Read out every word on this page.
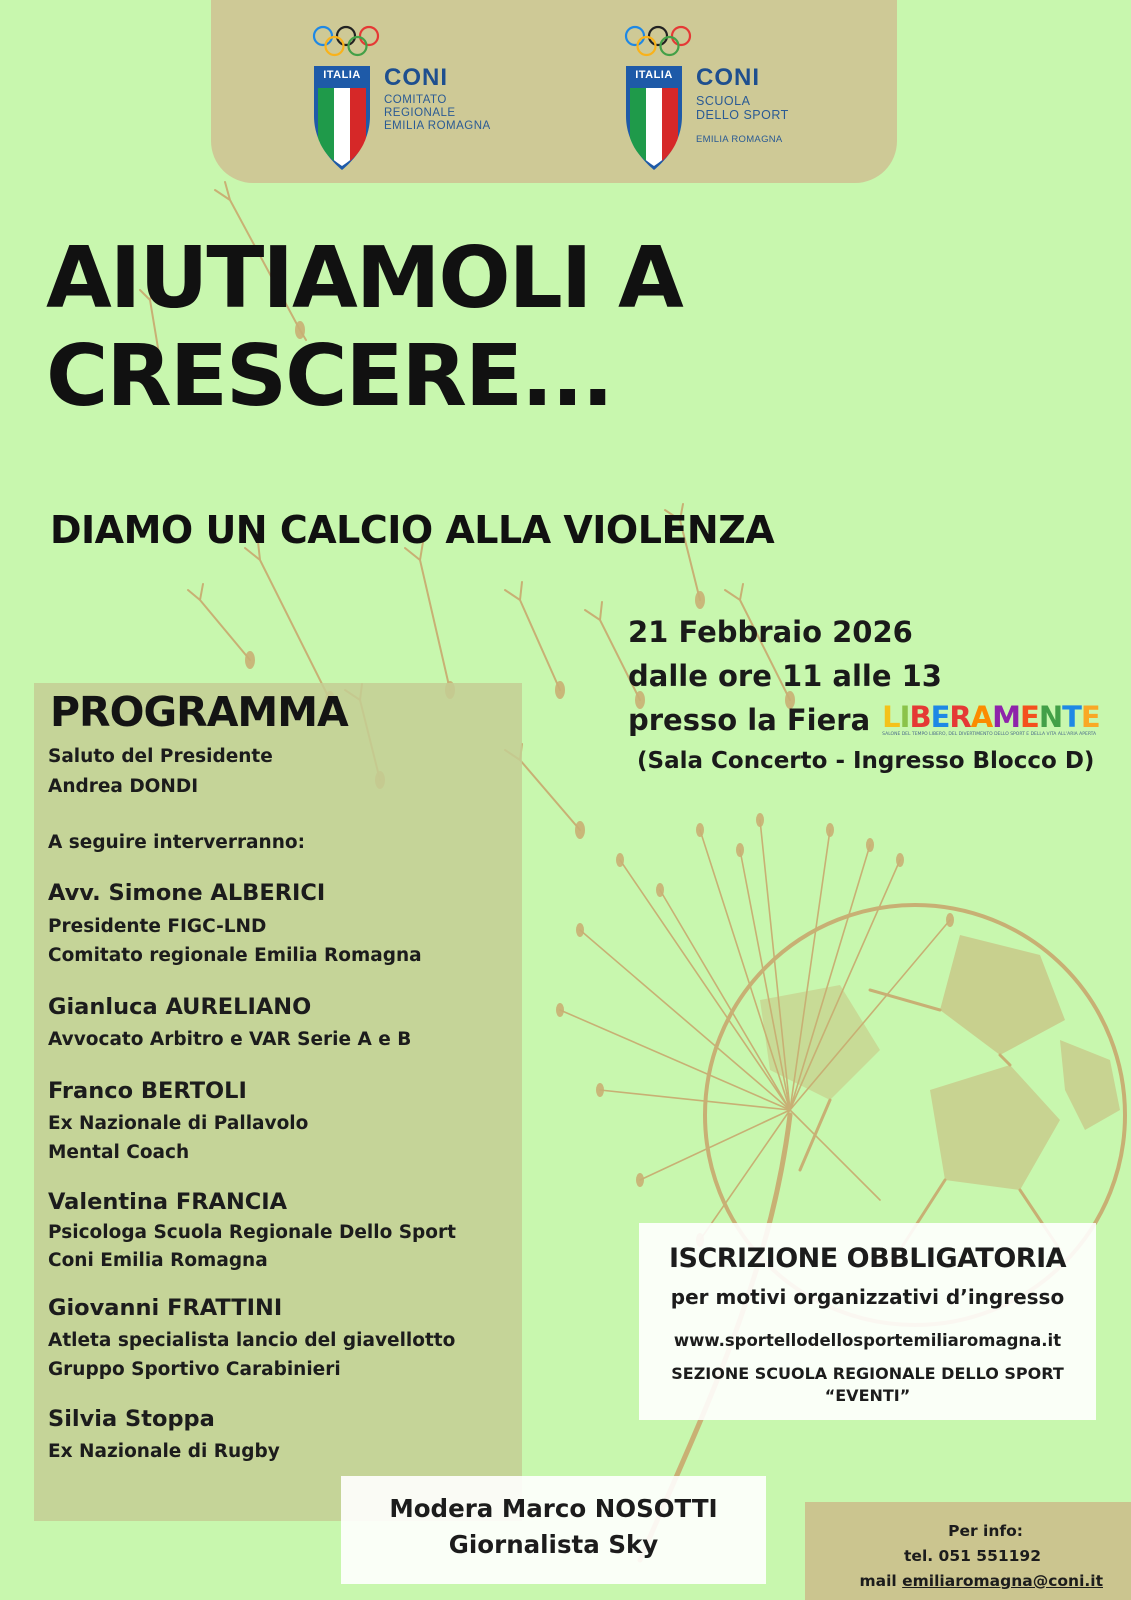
ITALIA CONI
COMITATO
REGIONALE
EMILIA ROMAGNA
ITALIA CONI
SCUOLA
DELLO SPORT
EMILIA ROMAGNA
AIUTIAMOLI A
CRESCERE...
DIAMO UN CALCIO ALLA VIOLENZA
21 Febbraio 2026
dalle ore 11 alle 13
presso la Fiera LIBERAMENTE
SALONE DEL TEMPO LIBERO, DEL DIVERTIMENTO DELLO SPORT E DELLA VITA ALL'ARIA APERTA
(Sala Concerto - Ingresso Blocco D)
PROGRAMMA
Saluto del Presidente
Andrea DONDI
A seguire interverranno:
Avv. Simone ALBERICI
Presidente FIGC-LND
Comitato regionale Emilia Romagna
Gianluca AURELIANO
Avvocato Arbitro e VAR Serie A e B
Franco BERTOLI
Ex Nazionale di Pallavolo
Mental Coach
Valentina FRANCIA
Psicologa Scuola Regionale Dello Sport
Coni Emilia Romagna
Giovanni FRATTINI
Atleta specialista lancio del giavellotto
Gruppo Sportivo Carabinieri
Silvia Stoppa
Ex Nazionale di Rugby
ISCRIZIONE OBBLIGATORIA
per motivi organizzativi d’ingresso
www.sportellodellosportemiliaromagna.it
SEZIONE SCUOLA REGIONALE DELLO SPORT
“EVENTI”
Modera Marco NOSOTTI
Giornalista Sky	Per info:
tel. 051 551192
mail emiliaromagna@coni.it
